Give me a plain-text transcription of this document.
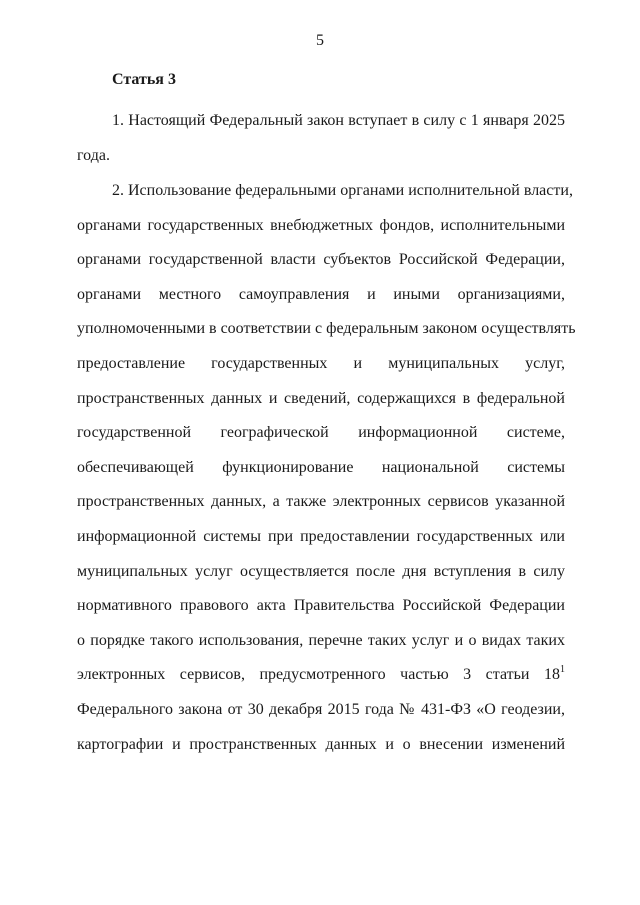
5
Статья 3
1. Настоящий Федеральный закон вступает в силу с 1 января 2025
года.
2. Использование федеральными органами исполнительной власти,
органами государственных внебюджетных фондов, исполнительными
органами государственной власти субъектов Российской Федерации,
органами местного самоуправления и иными организациями,
уполномоченными в соответствии с федеральным законом осуществлять
предоставление государственных и муниципальных услуг,
пространственных данных и сведений, содержащихся в федеральной
государственной географической информационной системе,
обеспечивающей функционирование национальной системы
пространственных данных, а также электронных сервисов указанной
информационной системы при предоставлении государственных или
муниципальных услуг осуществляется после дня вступления в силу
нормативного правового акта Правительства Российской Федерации
о порядке такого использования, перечне таких услуг и о видах таких
электронных сервисов, предусмотренного частью 3 статьи $18^1$
Федерального закона от 30 декабря 2015 года № 431-ФЗ «О геодезии,
картографии и пространственных данных и о внесении изменений
